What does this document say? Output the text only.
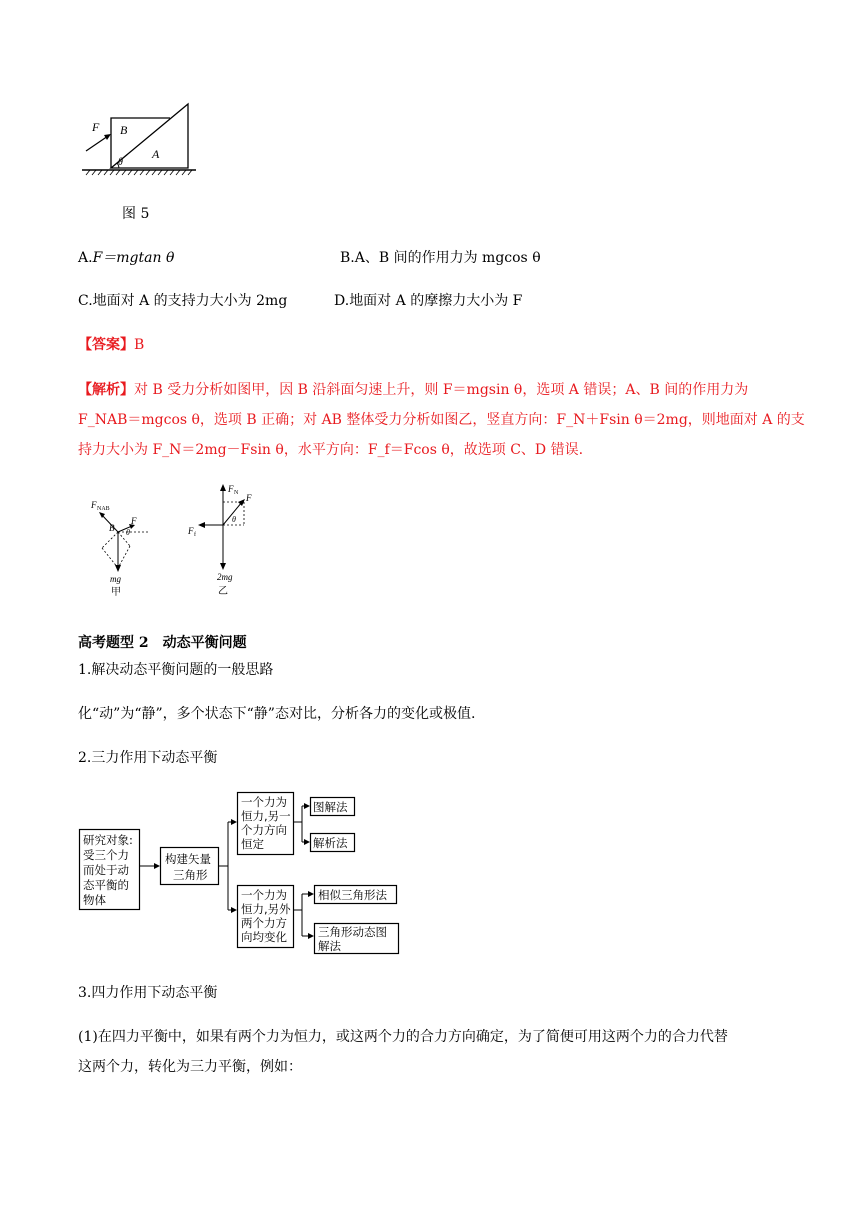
F B
A
θ
图 5
A.F＝mgtan θ	B.A、B 间的作用力为 mgcos θ
C.地面对 A 的支持力大小为 2mg	D.地面对 A 的摩擦力大小为 F
【答案】B
【解析】对 B 受力分析如图甲，因 B 沿斜面匀速上升，则 F＝mgsin θ，选项 A 错误；A、B 间的作用力为
F_NAB＝mgcos θ，选项 B 正确；对 AB 整体受力分析如图乙，竖直方向：F_N＋Fsin θ＝2mg，则地面对 A 的支
持力大小为 F_N＝2mg－Fsin θ，水平方向：F_f＝Fcos θ，故选项 C、D 错误.
F NAB
B
F
θ
mg
甲
F N F
θ
F f
2mg
乙
高考题型 2　动态平衡问题
1.解决动态平衡问题的一般思路
化“动”为“静”，多个状态下“静”态对比，分析各力的变化或极值.
2.三力作用下动态平衡
研究对象:
受三个力
而处于动
态平衡的
物体
构建矢量
三角形
一个力为
恒力,另一
个力方向
恒定
一个力为
恒力,另外
两个力方
向均变化
图解法
解析法
相似三角形法
三角形动态图
解法
3.四力作用下动态平衡
(1)在四力平衡中，如果有两个力为恒力，或这两个力的合力方向确定，为了简便可用这两个力的合力代替
这两个力，转化为三力平衡，例如：
